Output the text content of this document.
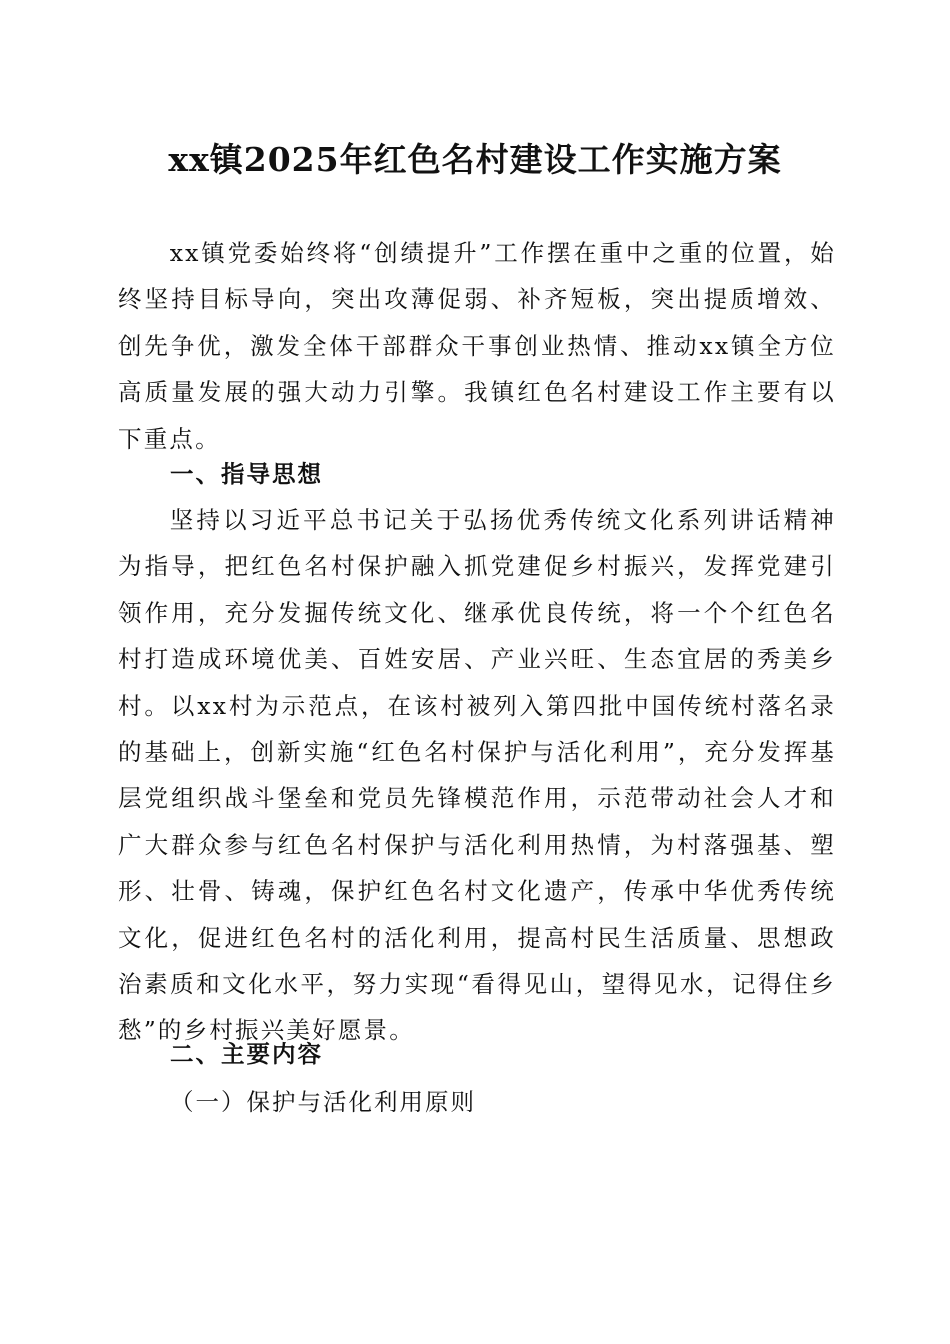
xx镇2025年红色名村建设工作实施方案
xx镇党委始终将“创绩提升”工作摆在重中之重的位置，始终坚持目标导向，突出攻薄促弱、补齐短板，突出提质增效、创先争优，激发全体干部群众干事创业热情、推动xx镇全方位高质量发展的强大动力引擎。我镇红色名村建设工作主要有以下重点。
一、指导思想
坚持以习近平总书记关于弘扬优秀传统文化系列讲话精神为指导，把红色名村保护融入抓党建促乡村振兴，发挥党建引领作用，充分发掘传统文化、继承优良传统，将一个个红色名村打造成环境优美、百姓安居、产业兴旺、生态宜居的秀美乡村。以xx村为示范点，在该村被列入第四批中国传统村落名录的基础上，创新实施“红色名村保护与活化利用”，充分发挥基层党组织战斗堡垒和党员先锋模范作用，示范带动社会人才和广大群众参与红色名村保护与活化利用热情，为村落强基、塑形、壮骨、铸魂，保护红色名村文化遗产，传承中华优秀传统文化，促进红色名村的活化利用，提高村民生活质量、思想政治素质和文化水平，努力实现“看得见山，望得见水，记得住乡愁”的乡村振兴美好愿景。
二、主要内容
（一）保护与活化利用原则
